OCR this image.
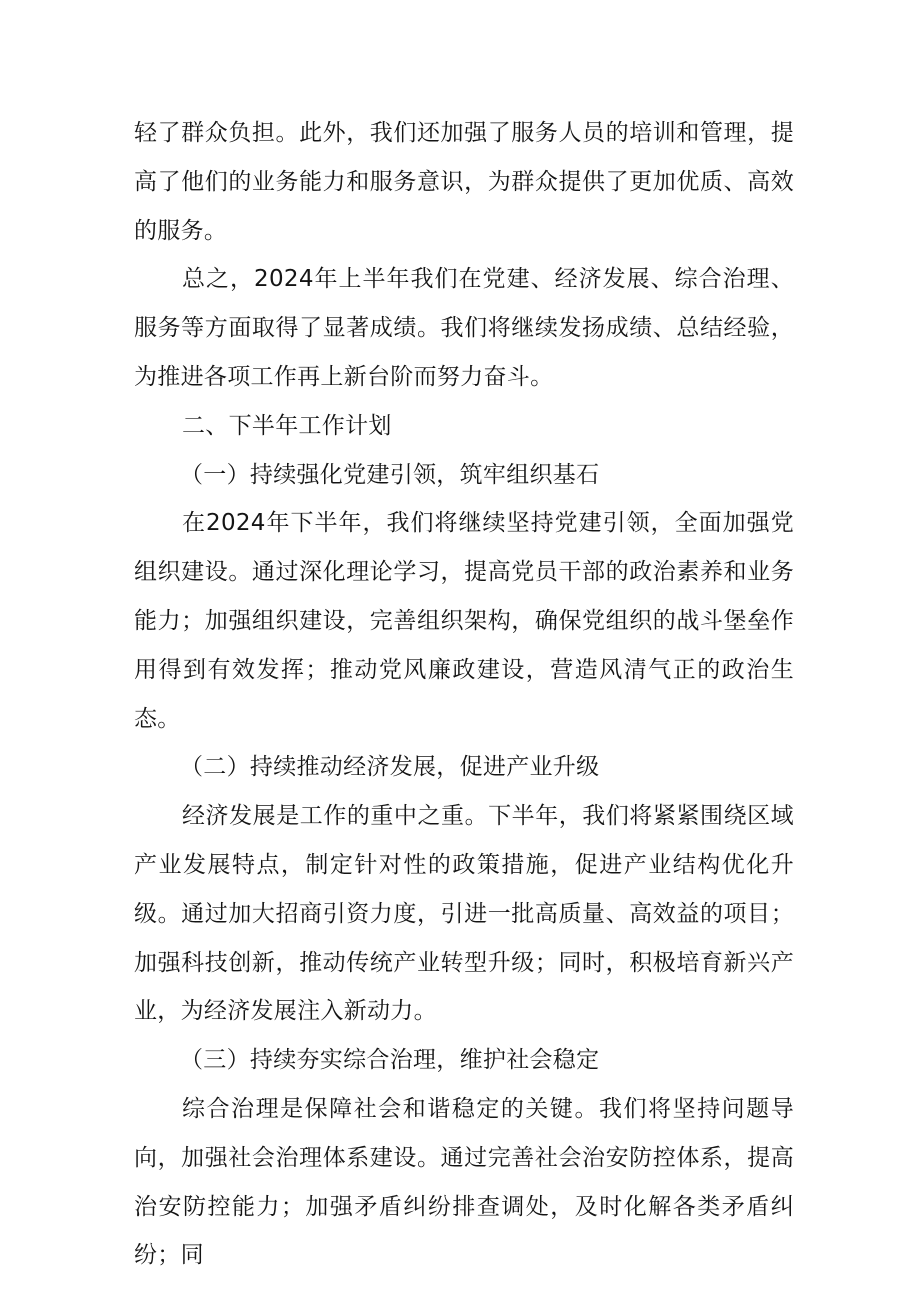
轻了群众负担。此外，我们还加强了服务人员的培训和管理，提高了他们的业务能力和服务意识，为群众提供了更加优质、高效的服务。

总之，2024年上半年我们在党建、经济发展、综合治理、服务等方面取得了显著成绩。我们将继续发扬成绩、总结经验，为推进各项工作再上新台阶而努力奋斗。

二、下半年工作计划

（一）持续强化党建引领，筑牢组织基石

在2024年下半年，我们将继续坚持党建引领，全面加强党组织建设。通过深化理论学习，提高党员干部的政治素养和业务能力；加强组织建设，完善组织架构，确保党组织的战斗堡垒作用得到有效发挥；推动党风廉政建设，营造风清气正的政治生态。

（二）持续推动经济发展，促进产业升级

经济发展是工作的重中之重。下半年，我们将紧紧围绕区域产业发展特点，制定针对性的政策措施，促进产业结构优化升级。通过加大招商引资力度，引进一批高质量、高效益的项目；加强科技创新，推动传统产业转型升级；同时，积极培育新兴产业，为经济发展注入新动力。

（三）持续夯实综合治理，维护社会稳定

综合治理是保障社会和谐稳定的关键。我们将坚持问题导向，加强社会治理体系建设。通过完善社会治安防控体系，提高治安防控能力；加强矛盾纠纷排查调处，及时化解各类矛盾纠纷；同
